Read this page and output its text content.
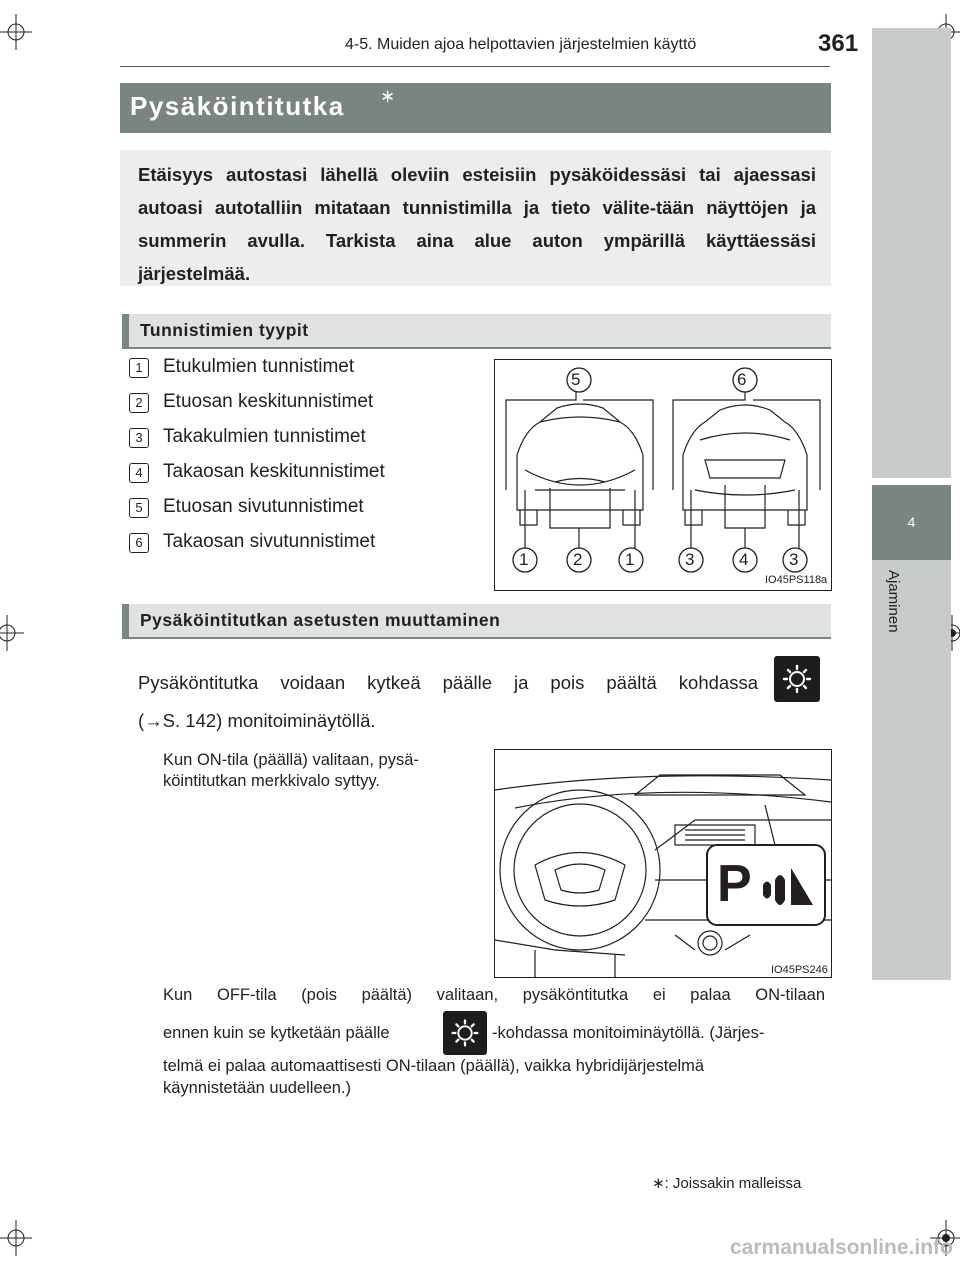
4-5. Muiden ajoa helpottavien järjestelmien käyttö	361
4
Ajaminen
Pysäköintitutka ∗
Etäisyys autostasi lähellä oleviin esteisiin pysäköidessäsi tai ajaessasi autoasi autotalliin mitataan tunnistimilla ja tieto välite-tään näyttöjen ja summerin avulla. Tarkista aina alue auton ympärillä käyttäessäsi järjestelmää.
Tunnistimien tyypit
1	Etukulmien tunnistimet
2	Etuosan keskitunnistimet
3	Takakulmien tunnistimet
4	Takaosan keskitunnistimet
5	Etuosan sivutunnistimet
6	Takaosan sivutunnistimet
5	6
1	2	1	3	4 3
IO45PS118a
Pysäköintitutkan asetusten muuttaminen
Pysäköntitutka voidaan kytkeä päälle ja pois päältä kohdassa
(→S. 142) monitoiminäytöllä.
Kun ON-tila (päällä) valitaan, pysä-köintitutkan merkkivalo syttyy.
P
IO45PS246
Kun OFF-tila (pois päältä) valitaan, pysäköntitutka ei palaa ON-tilaan
ennen kuin se kytketään päälle	-kohdassa monitoiminäytöllä. (Järjes-
telmä ei palaa automaattisesti ON-tilaan (päällä), vaikka hybridijärjestelmä
käynnistetään uudelleen.)
∗: Joissakin malleissa
carmanualsonline.info
